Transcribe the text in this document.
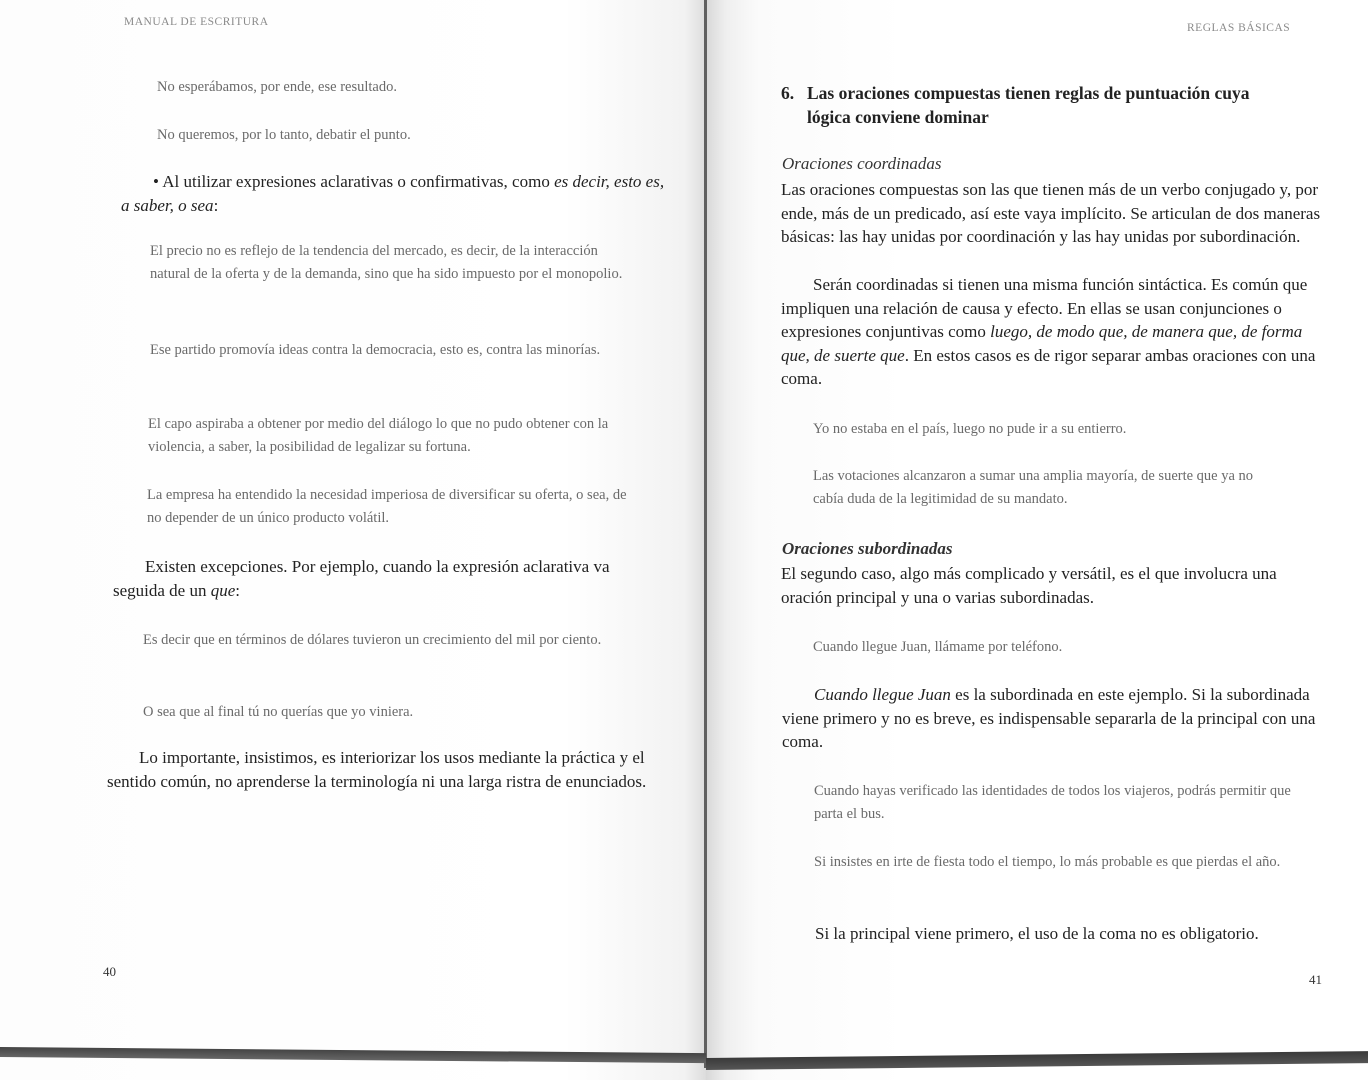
MANUAL DE ESCRITURA
No esperábamos, por ende, ese resultado.
No queremos, por lo tanto, debatir el punto.
• Al utilizar expresiones aclarativas o confirmativas, como es decir, esto es, a saber, o sea:
El precio no es reflejo de la tendencia del mercado, es decir, de la interacción natural de la oferta y de la demanda, sino que ha sido impuesto por el monopolio.
Ese partido promovía ideas contra la democracia, esto es, contra las minorías.
El capo aspiraba a obtener por medio del diálogo lo que no pudo obtener con la violencia, a saber, la posibilidad de legalizar su fortuna.
La empresa ha entendido la necesidad imperiosa de diversificar su oferta, o sea, de no depender de un único producto volátil.
Existen excepciones. Por ejemplo, cuando la expresión aclarativa va seguida de un que:
Es decir que en términos de dólares tuvieron un crecimiento del mil por ciento.
O sea que al final tú no querías que yo viniera.
Lo importante, insistimos, es interiorizar los usos mediante la práctica y el sentido común, no aprenderse la terminología ni una larga ristra de enunciados.
40
REGLAS BÁSICAS
6. Las oraciones compuestas tienen reglas de puntuación cuya lógica conviene dominar
Oraciones coordinadas
Las oraciones compuestas son las que tienen más de un verbo conjugado y, por ende, más de un predicado, así este vaya implícito. Se articulan de dos maneras básicas: las hay unidas por coordinación y las hay unidas por subordinación.
Serán coordinadas si tienen una misma función sintáctica. Es común que impliquen una relación de causa y efecto. En ellas se usan conjunciones o expresiones conjuntivas como luego, de modo que, de manera que, de forma que, de suerte que. En estos casos es de rigor separar ambas oraciones con una coma.
Yo no estaba en el país, luego no pude ir a su entierro.
Las votaciones alcanzaron a sumar una amplia mayoría, de suerte que ya no cabía duda de la legitimidad de su mandato.
Oraciones subordinadas
El segundo caso, algo más complicado y versátil, es el que involucra una oración principal y una o varias subordinadas.
Cuando llegue Juan, llámame por teléfono.
Cuando llegue Juan es la subordinada en este ejemplo. Si la subordinada viene primero y no es breve, es indispensable separarla de la principal con una coma.
Cuando hayas verificado las identidades de todos los viajeros, podrás permitir que parta el bus.
Si insistes en irte de fiesta todo el tiempo, lo más probable es que pierdas el año.
Si la principal viene primero, el uso de la coma no es obligatorio.
41
